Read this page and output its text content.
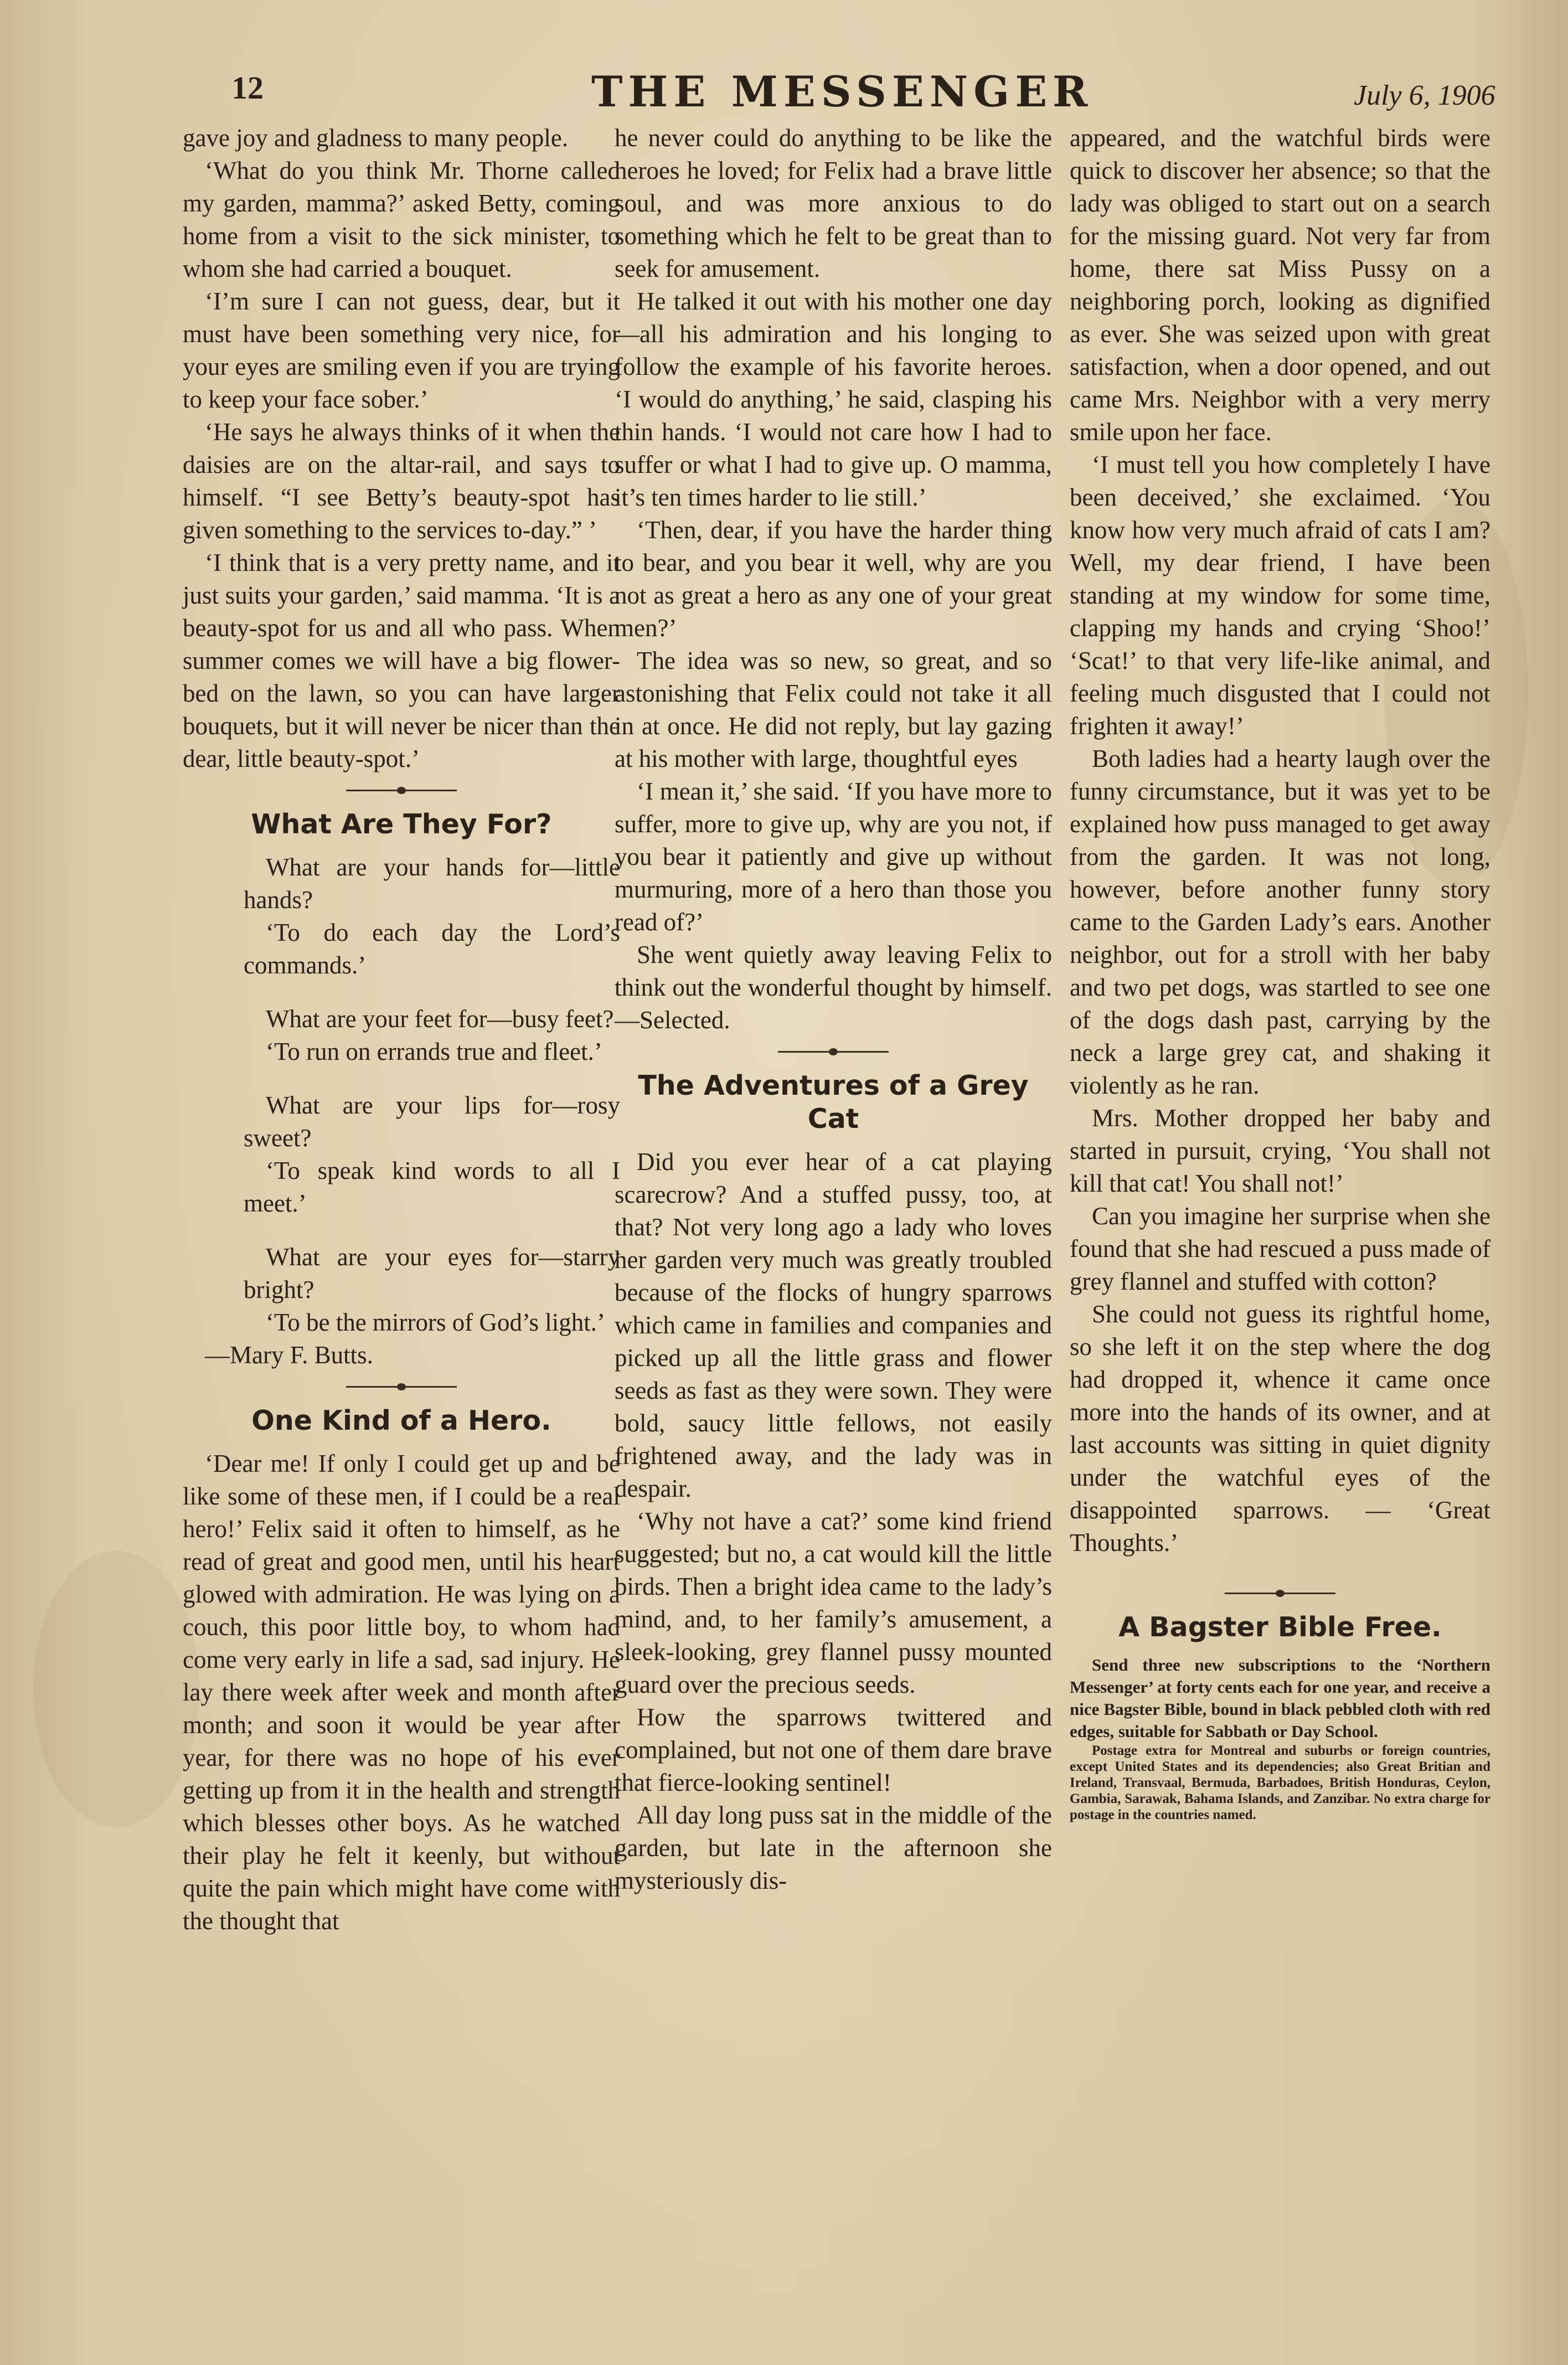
12	THE MESSENGER	July 6, 1906

gave joy and gladness to many people.

‘What do you think Mr. Thorne called my garden, mamma?’ asked Betty, coming home from a visit to the sick minister, to whom she had carried a bouquet.

‘I’m sure I can not guess, dear, but it must have been something very nice, for your eyes are smiling even if you are trying to keep your face sober.’

‘He says he always thinks of it when the daisies are on the altar-rail, and says to himself. “I see Betty’s beauty-spot has given something to the services to-day.” ’

‘I think that is a very pretty name, and it just suits your garden,’ said mamma. ‘It is a beauty-spot for us and all who pass. When summer comes we will have a big flower-bed on the lawn, so you can have larger bouquets, but it will never be nicer than the dear, little beauty-spot.’

What Are They For?

What are your hands for—little hands?

‘To do each day the Lord’s commands.’

What are your feet for—busy feet?

‘To run on errands true and fleet.’

What are your lips for—rosy sweet?

‘To speak kind words to all I meet.’

What are your eyes for—starry bright?

‘To be the mirrors of God’s light.’

—Mary F. Butts.

One Kind of a Hero.

‘Dear me! If only I could get up and be like some of these men, if I could be a real hero!’ Felix said it often to himself, as he read of great and good men, until his heart glowed with admiration. He was lying on a couch, this poor little boy, to whom had come very early in life a sad, sad injury. He lay there week after week and month after month; and soon it would be year after year, for there was no hope of his ever getting up from it in the health and strength which blesses other boys. As he watched their play he felt it keenly, but without quite the pain which might have come with the thought that

he never could do anything to be like the heroes he loved; for Felix had a brave little soul, and was more anxious to do something which he felt to be great than to seek for amusement.

He talked it out with his mother one day—all his admiration and his longing to follow the example of his favorite heroes. ‘I would do anything,’ he said, clasping his thin hands. ‘I would not care how I had to suffer or what I had to give up. O mamma, it’s ten times harder to lie still.’

‘Then, dear, if you have the harder thing to bear, and you bear it well, why are you not as great a hero as any one of your great men?’

The idea was so new, so great, and so astonishing that Felix could not take it all in at once. He did not reply, but lay gazing at his mother with large, thoughtful eyes

‘I mean it,’ she said. ‘If you have more to suffer, more to give up, why are you not, if you bear it patiently and give up without murmuring, more of a hero than those you read of?’

She went quietly away leaving Felix to think out the wonderful thought by himself.—Selected.

The Adventures of a Grey Cat

Did you ever hear of a cat playing scarecrow? And a stuffed pussy, too, at that? Not very long ago a lady who loves her garden very much was greatly troubled because of the flocks of hungry sparrows which came in families and companies and picked up all the little grass and flower seeds as fast as they were sown. They were bold, saucy little fellows, not easily frightened away, and the lady was in despair.

‘Why not have a cat?’ some kind friend suggested; but no, a cat would kill the little birds. Then a bright idea came to the lady’s mind, and, to her family’s amusement, a sleek-looking, grey flannel pussy mounted guard over the precious seeds.

How the sparrows twittered and complained, but not one of them dare brave that fierce-looking sentinel!

All day long puss sat in the middle of the garden, but late in the afternoon she mysteriously dis-

appeared, and the watchful birds were quick to discover her absence; so that the lady was obliged to start out on a search for the missing guard. Not very far from home, there sat Miss Pussy on a neighboring porch, looking as dignified as ever. She was seized upon with great satisfaction, when a door opened, and out came Mrs. Neighbor with a very merry smile upon her face.

‘I must tell you how completely I have been deceived,’ she exclaimed. ‘You know how very much afraid of cats I am? Well, my dear friend, I have been standing at my window for some time, clapping my hands and crying ‘Shoo!’ ‘Scat!’ to that very life-like animal, and feeling much disgusted that I could not frighten it away!’

Both ladies had a hearty laugh over the funny circumstance, but it was yet to be explained how puss managed to get away from the garden. It was not long, however, before another funny story came to the Garden Lady’s ears. Another neighbor, out for a stroll with her baby and two pet dogs, was startled to see one of the dogs dash past, carrying by the neck a large grey cat, and shaking it violently as he ran.

Mrs. Mother dropped her baby and started in pursuit, crying, ‘You shall not kill that cat! You shall not!’

Can you imagine her surprise when she found that she had rescued a puss made of grey flannel and stuffed with cotton?

She could not guess its rightful home, so she left it on the step where the dog had dropped it, whence it came once more into the hands of its owner, and at last accounts was sitting in quiet dignity under the watchful eyes of the disappointed sparrows. — ‘Great Thoughts.’

A Bagster Bible Free.

Send three new subscriptions to the ‘Northern Messenger’ at forty cents each for one year, and receive a nice Bagster Bible, bound in black pebbled cloth with red edges, suitable for Sabbath or Day School.

Postage extra for Montreal and suburbs or foreign countries, except United States and its dependencies; also Great Britian and Ireland, Transvaal, Bermuda, Barbadoes, British Honduras, Ceylon, Gambia, Sarawak, Bahama Islands, and Zanzibar. No extra charge for postage in the countries named.
